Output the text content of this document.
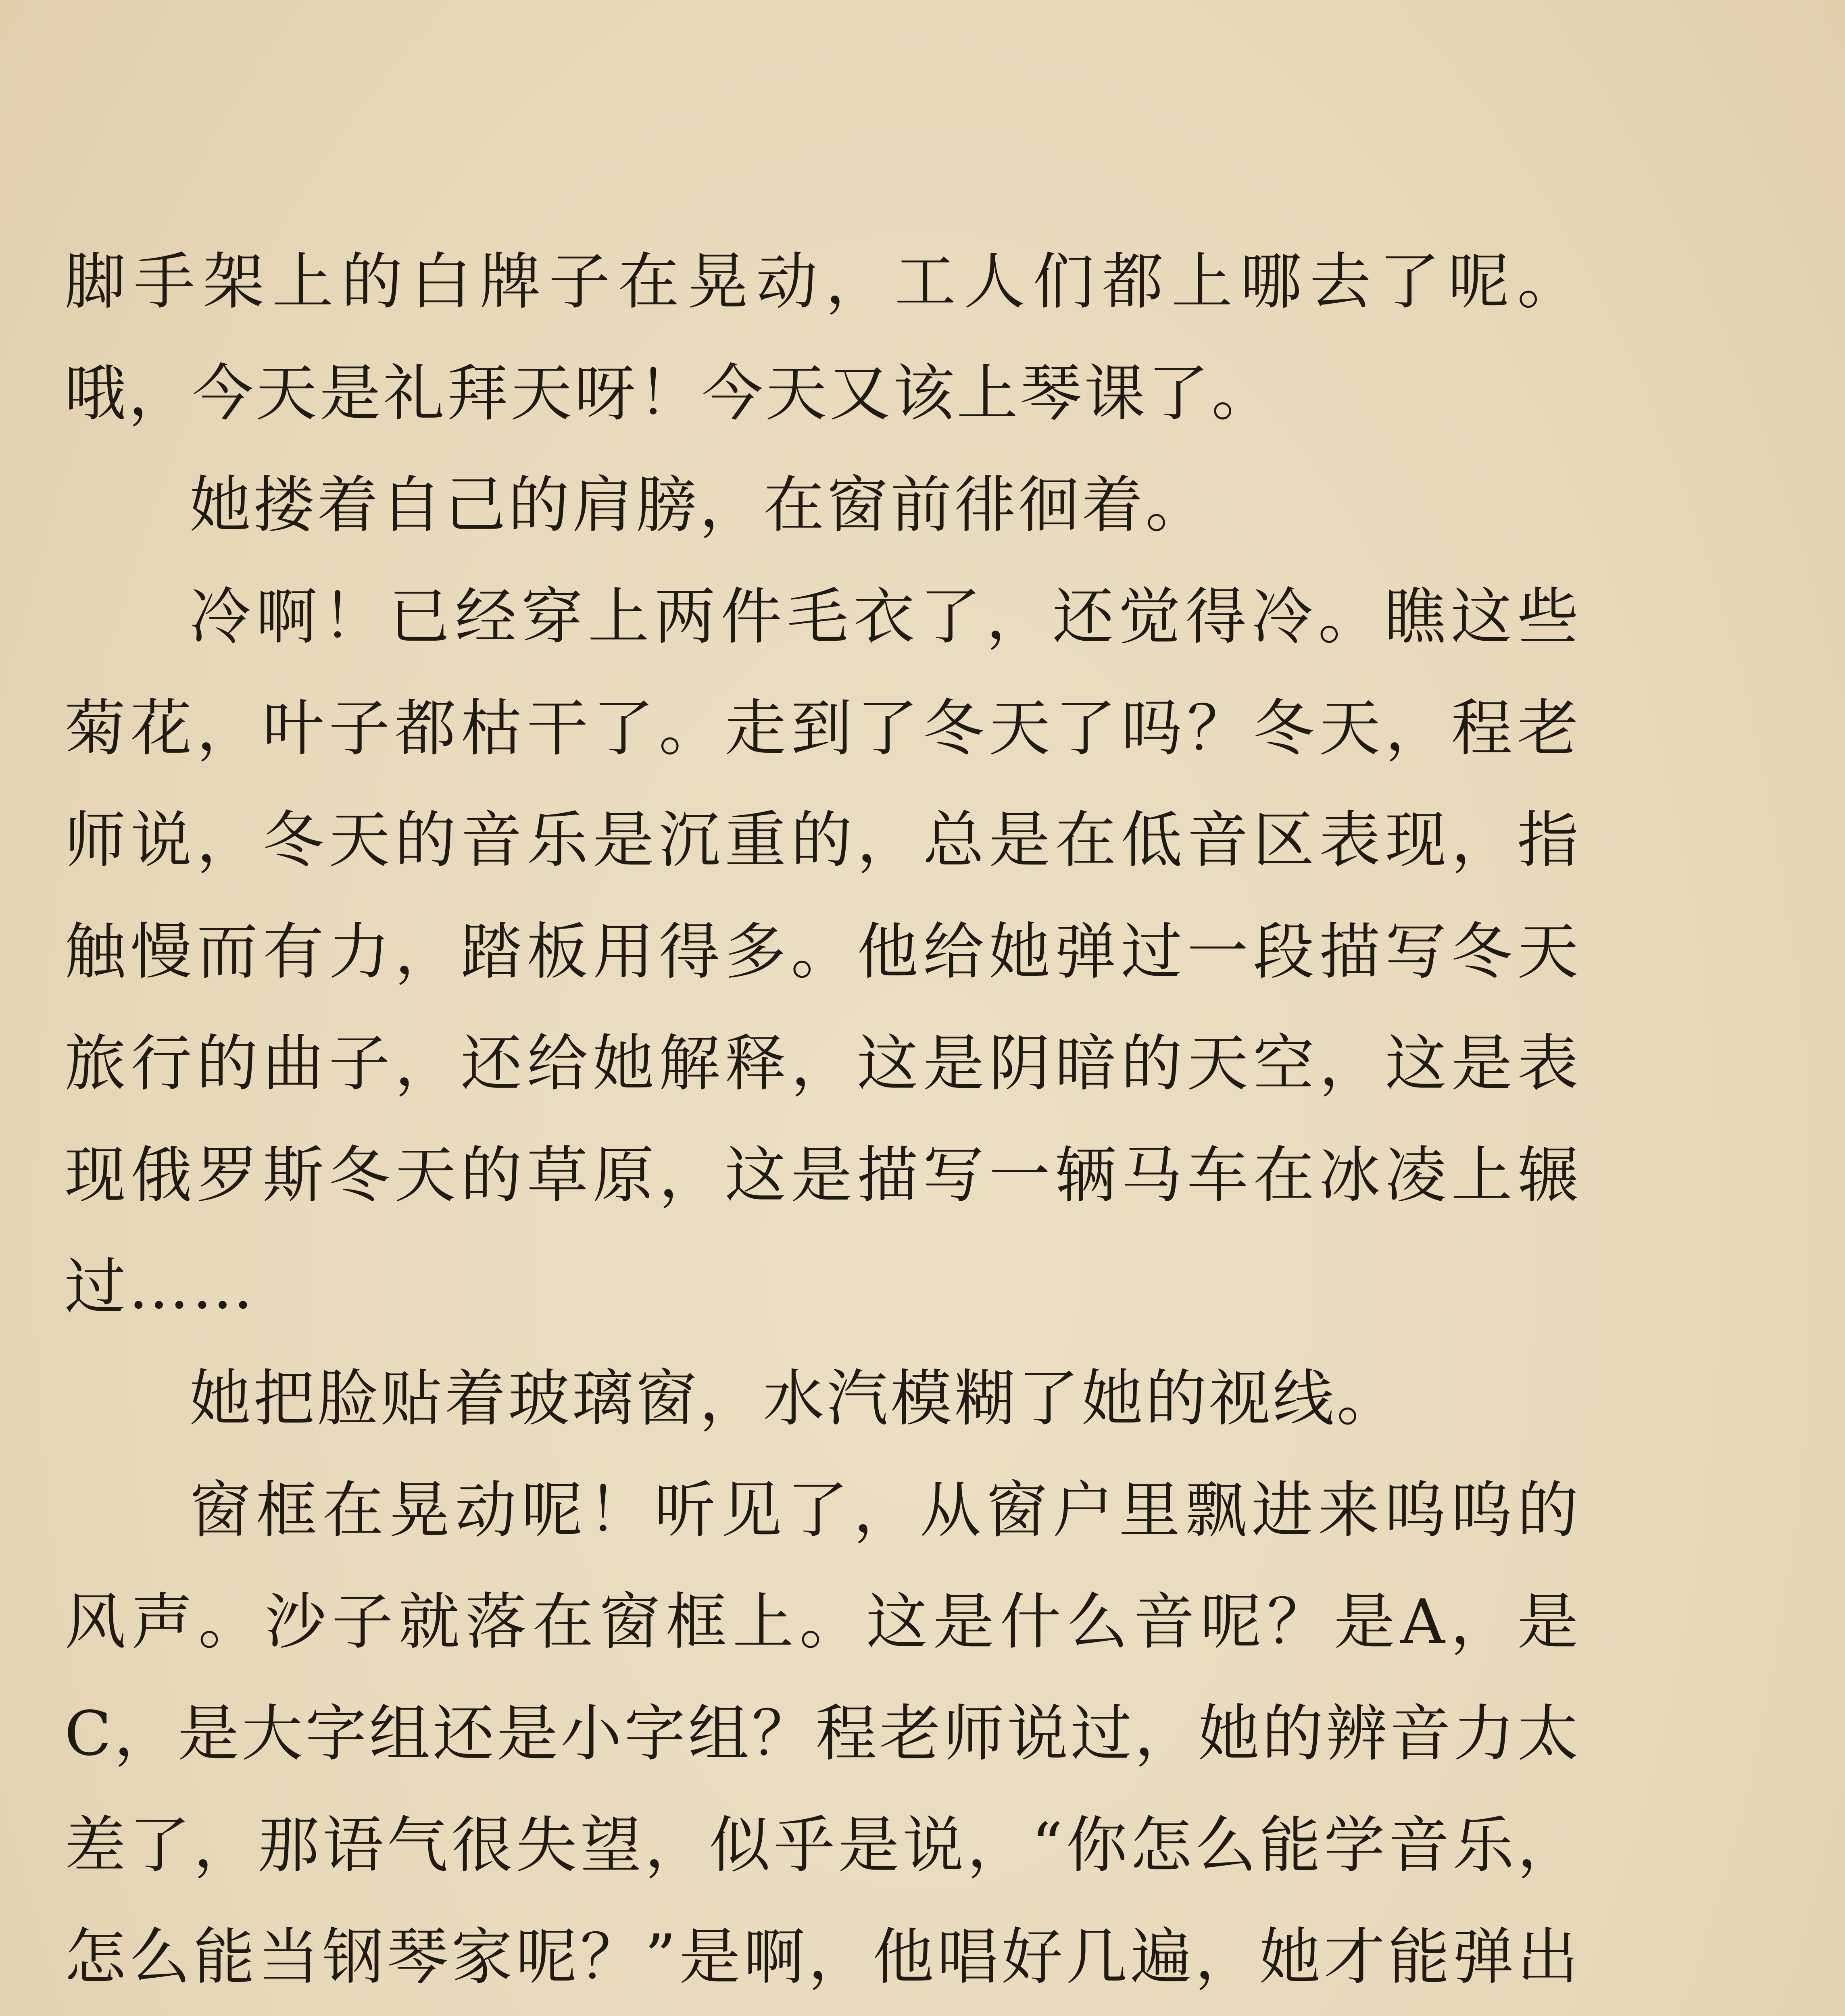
脚手架上的白牌子在晃动，工人们都上哪去了呢。哦，今天是礼拜天呀！今天又该上琴课了。

她搂着自己的肩膀，在窗前徘徊着。

冷啊！已经穿上两件毛衣了，还觉得冷。瞧这些菊花，叶子都枯干了。走到了冬天了吗？冬天，程老师说，冬天的音乐是沉重的，总是在低音区表现，指触慢而有力，踏板用得多。他给她弹过一段描写冬天旅行的曲子，还给她解释，这是阴暗的天空，这是表现俄罗斯冬天的草原，这是描写一辆马车在冰凌上辗过……

她把脸贴着玻璃窗，水汽模糊了她的视线。

窗框在晃动呢！听见了，从窗户里飘进来呜呜的风声。沙子就落在窗框上。这是什么音呢？是A，是C，是大字组还是小字组？程老师说过，她的辨音力太差了，那语气很失望，似乎是说，“你怎么能学音乐，怎么能当钢琴家呢？”是啊，他唱好几遍，她才能弹出
